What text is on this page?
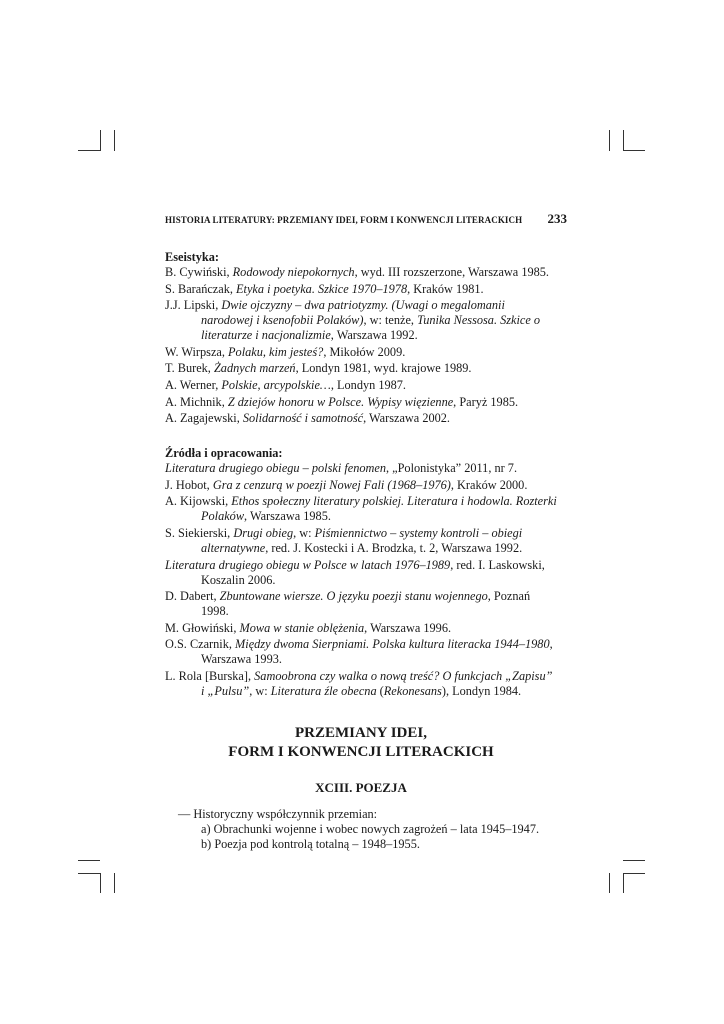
HISTORIA LITERATURY: PRZEMIANY IDEI, FORM I KONWENCJI LITERACKICH 233

Eseistyka:

B. Cywiński, Rodowody niepokornych, wyd. III rozszerzone, Warszawa 1985.

S. Barańczak, Etyka i poetyka. Szkice 1970–1978, Kraków 1981.

J.J. Lipski, Dwie ojczyzny – dwa patriotyzmy. (Uwagi o megalomanii narodowej i ksenofobii Polaków), w: tenże, Tunika Nessosa. Szkice o literaturze i nacjonalizmie, Warszawa 1992.

W. Wirpsza, Polaku, kim jesteś?, Mikołów 2009.

T. Burek, Żadnych marzeń, Londyn 1981, wyd. krajowe 1989.

A. Werner, Polskie, arcypolskie…, Londyn 1987.

A. Michnik, Z dziejów honoru w Polsce. Wypisy więzienne, Paryż 1985.

A. Zagajewski, Solidarność i samotność, Warszawa 2002.

Źródła i opracowania:

Literatura drugiego obiegu – polski fenomen, „Polonistyka” 2011, nr 7.

J. Hobot, Gra z cenzurą w poezji Nowej Fali (1968–1976), Kraków 2000.

A. Kijowski, Ethos społeczny literatury polskiej. Literatura i hodowla. Rozterki Polaków, Warszawa 1985.

S. Siekierski, Drugi obieg, w: Piśmiennictwo – systemy kontroli – obiegi alternatywne, red. J. Kostecki i A. Brodzka, t. 2, Warszawa 1992.

Literatura drugiego obiegu w Polsce w latach 1976–1989, red. I. Laskowski, Koszalin 2006.

D. Dabert, Zbuntowane wiersze. O języku poezji stanu wojennego, Poznań 1998.

M. Głowiński, Mowa w stanie oblężenia, Warszawa 1996.

O.S. Czarnik, Między dwoma Sierpniami. Polska kultura literacka 1944–1980, Warszawa 1993.

L. Rola [Burska], Samoobrona czy walka o nową treść? O funkcjach „Zapisu” i „Pulsu”, w: Literatura źle obecna (Rekonesans), Londyn 1984.

PRZEMIANY IDEI,
FORM I KONWENCJI LITERACKICH
XCIII. POEZJA
— Historyczny współczynnik przemian:
a) Obrachunki wojenne i wobec nowych zagrożeń – lata 1945–1947.
b) Poezja pod kontrolą totalną – 1948–1955.
